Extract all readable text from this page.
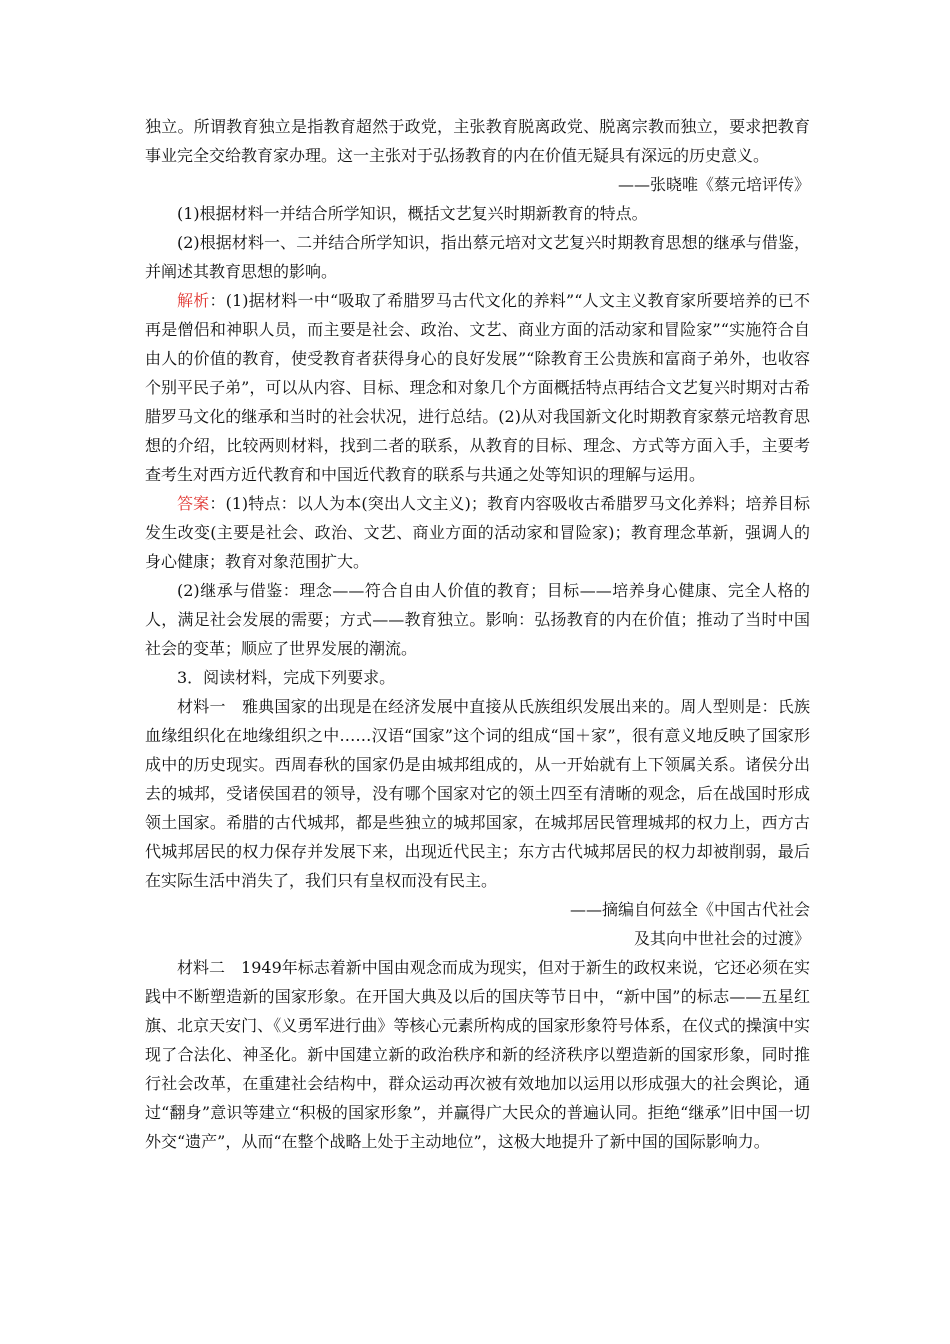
独立。所谓教育独立是指教育超然于政党，主张教育脱离政党、脱离宗教而独立，要求把教育事业完全交给教育家办理。这一主张对于弘扬教育的内在价值无疑具有深远的历史意义。

——张晓唯《蔡元培评传》

(1)根据材料一并结合所学知识，概括文艺复兴时期新教育的特点。

(2)根据材料一、二并结合所学知识，指出蔡元培对文艺复兴时期教育思想的继承与借鉴，并阐述其教育思想的影响。

解析：(1)据材料一中“吸取了希腊罗马古代文化的养料”“人文主义教育家所要培养的已不再是僧侣和神职人员，而主要是社会、政治、文艺、商业方面的活动家和冒险家”“实施符合自由人的价值的教育，使受教育者获得身心的良好发展”“除教育王公贵族和富商子弟外，也收容个别平民子弟”，可以从内容、目标、理念和对象几个方面概括特点再结合文艺复兴时期对古希腊罗马文化的继承和当时的社会状况，进行总结。(2)从对我国新文化时期教育家蔡元培教育思想的介绍，比较两则材料，找到二者的联系，从教育的目标、理念、方式等方面入手，主要考查考生对西方近代教育和中国近代教育的联系与共通之处等知识的理解与运用。

答案：(1)特点：以人为本(突出人文主义)；教育内容吸收古希腊罗马文化养料；培养目标发生改变(主要是社会、政治、文艺、商业方面的活动家和冒险家)；教育理念革新，强调人的身心健康；教育对象范围扩大。

(2)继承与借鉴：理念——符合自由人价值的教育；目标——培养身心健康、完全人格的人，满足社会发展的需要；方式——教育独立。影响：弘扬教育的内在价值；推动了当时中国社会的变革；顺应了世界发展的潮流。

3．阅读材料，完成下列要求。

材料一　雅典国家的出现是在经济发展中直接从氏族组织发展出来的。周人型则是：氏族血缘组织化在地缘组织之中……汉语“国家”这个词的组成“国＋家”，很有意义地反映了国家形成中的历史现实。西周春秋的国家仍是由城邦组成的，从一开始就有上下领属关系。诸侯分出去的城邦，受诸侯国君的领导，没有哪个国家对它的领土四至有清晰的观念，后在战国时形成领土国家。希腊的古代城邦，都是些独立的城邦国家，在城邦居民管理城邦的权力上，西方古代城邦居民的权力保存并发展下来，出现近代民主；东方古代城邦居民的权力却被削弱，最后在实际生活中消失了，我们只有皇权而没有民主。

——摘编自何兹全《中国古代社会
及其向中世社会的过渡》

材料二　1949年标志着新中国由观念而成为现实，但对于新生的政权来说，它还必须在实践中不断塑造新的国家形象。在开国大典及以后的国庆等节日中，“新中国”的标志——五星红旗、北京天安门、《义勇军进行曲》等核心元素所构成的国家形象符号体系，在仪式的操演中实现了合法化、神圣化。新中国建立新的政治秩序和新的经济秩序以塑造新的国家形象，同时推行社会改革，在重建社会结构中，群众运动再次被有效地加以运用以形成强大的社会舆论，通过“翻身”意识等建立“积极的国家形象”，并赢得广大民众的普遍认同。拒绝“继承”旧中国一切外交“遗产”，从而“在整个战略上处于主动地位”，这极大地提升了新中国的国际影响力。
